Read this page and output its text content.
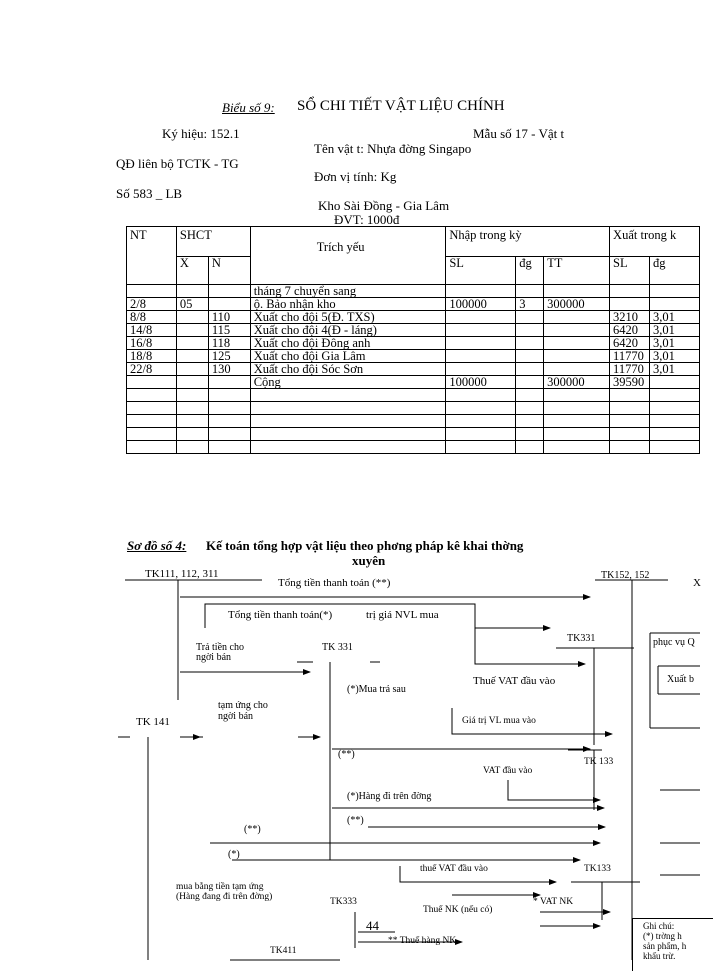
Biểu số 9: SỔ CHI TIẾT VẬT LIỆU CHÍNH
Ký hiệu: 152.1	Mẫu số 17 - Vật t
Tên vật t: Nhựa đờng Singapo
QĐ liên bộ TCTK - TG
Đơn vị tính: Kg
Số 583 _ LB
Kho Sài Đồng - Gia Lâm
ĐVT: 1000đ
NT	SHCT		Trích yếu	Nhập trong kỳ			Xuất trong k	
	X	N		SL	đg	TT	SL	đg
			tháng 7 chuyển sang					
2/8	05		ộ. Bảo nhận kho	100000	3	300000		
8/8		110	Xuất cho đội 5(Đ. TXS)				3210	3,01
14/8		115	Xuất cho đội 4(Đ - láng)				6420	3,01
16/8		118	Xuất cho đội Đông anh				6420	3,01
18/8		125	Xuất cho đội Gia Lâm				11770	3,01
22/8		130	Xuất cho đội Sóc Sơn				11770	3,01
			Cộng	100000		300000	39590	

Sơ đồ số 4: Kế toán tổng hợp vật liệu theo phơng pháp kê khai thờng
xuyên
TK111, 112, 311
Tổng tiền thanh toán (**)
TK152, 152
X
Tổng tiền thanh toán(*)	trị giá NVL mua
Trả tiền cho
ngời bán
TK 331
TK331	phục vụ Q
(*)Mua trả sau
Thuế VAT đầu vào	Xuất b
tạm ứng cho
ngời bán
TK 141	Giá trị VL mua vào
(**)
TK 133
VAT đầu vào
(*)Hàng đi trên đờng
(**)
(**)
(*)
thuế VAT đầu vào	TK133
mua bằng tiền tạm ứng
(Hàng đang đi trên đờng)	TK333
Thuế NK (nếu có)
* VAT NK
44
** Thuế hàng NK
TK411
Ghi chú:
(*) trờng h
sản phẩm, h
khấu trừ.
